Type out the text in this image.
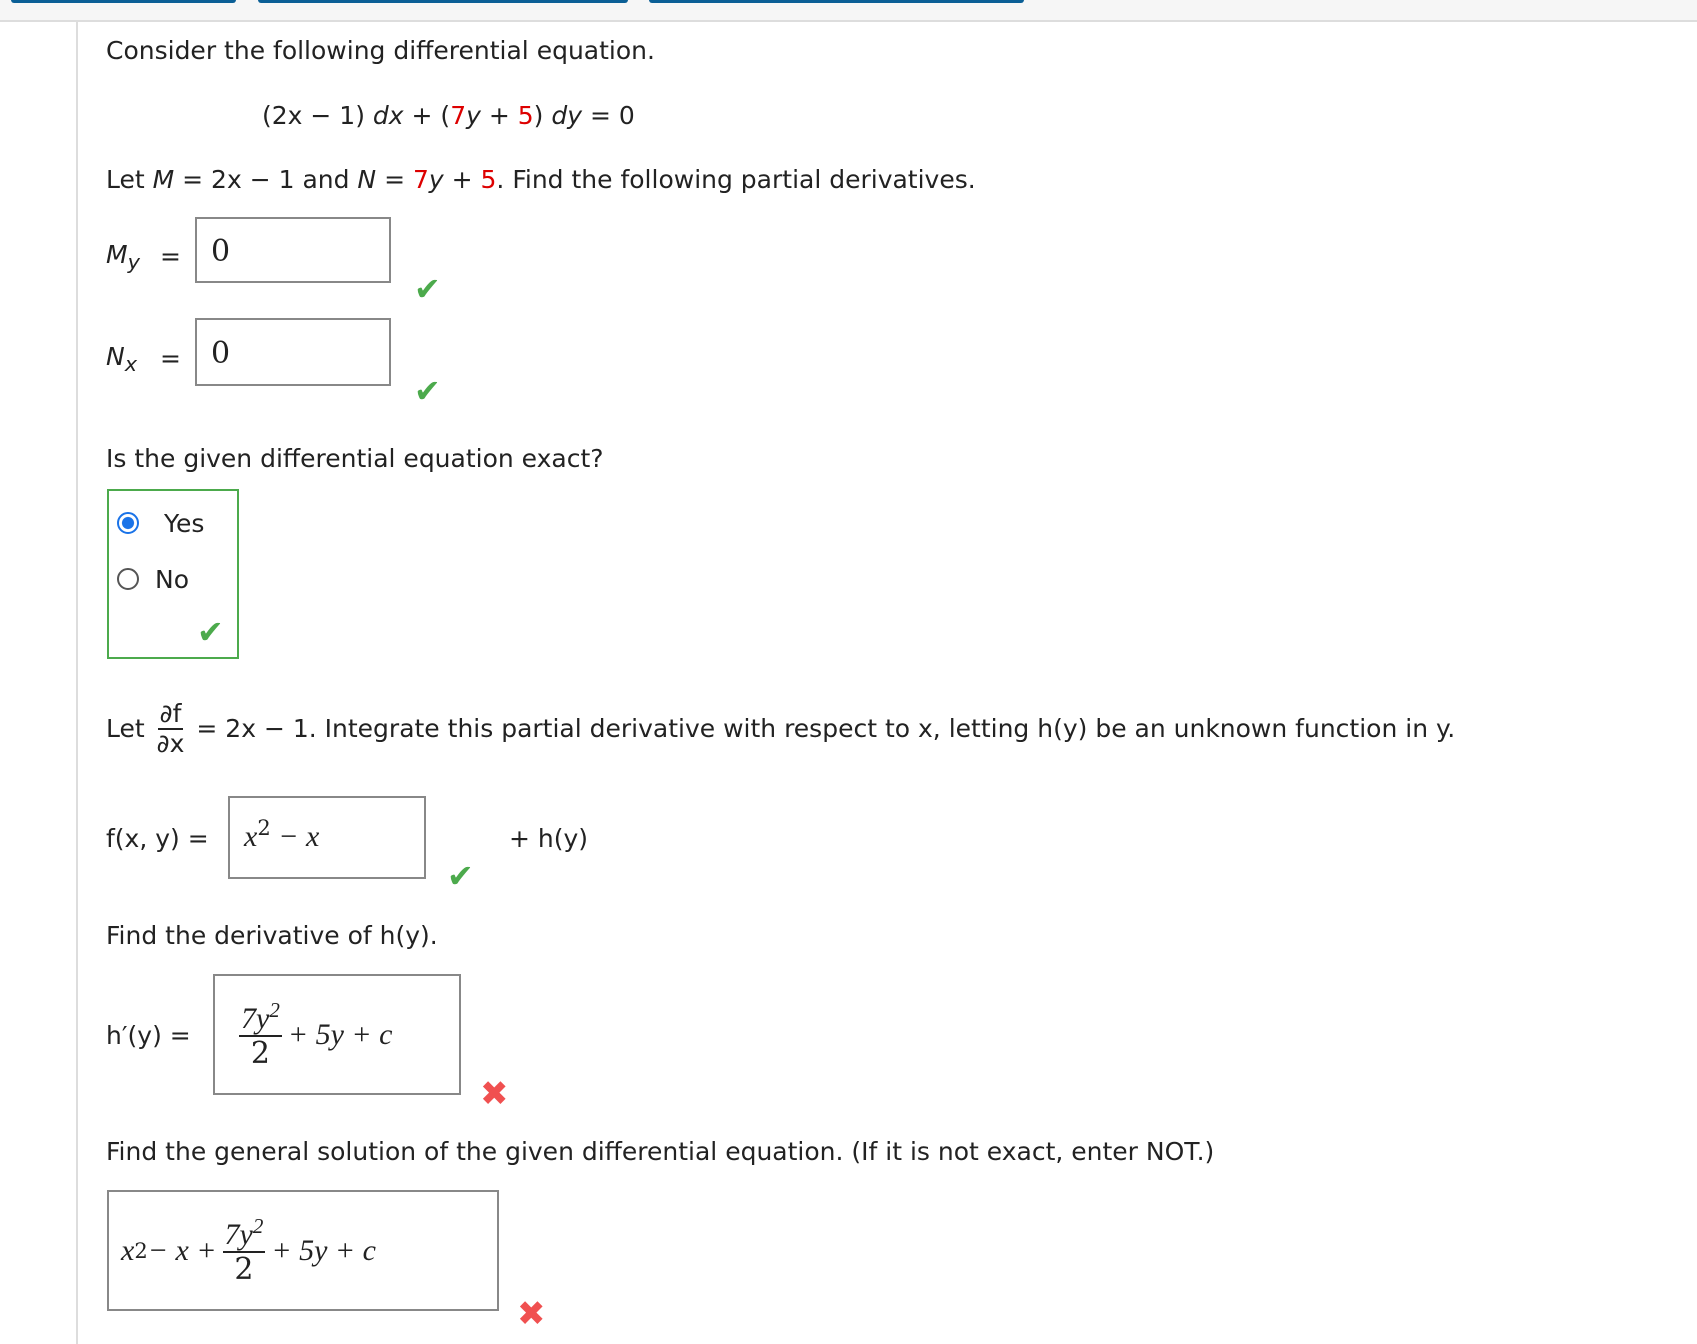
Consider the following differential equation.
(2x − 1) dx + (7y + 5) dy = 0
Let M = 2x − 1 and N = 7y + 5. Find the following partial derivatives.
$M_y$ =	0
✔
$N_x$ =	0
✔
Is the given differential equation exact?
Yes
No
✔
Let $\frac{\partial f}{\partial x} = 2x - 1$. Integrate this partial derivative with respect to x, letting h(y) be an unknown function in y.
f(x, y) =	$x^2 - x$
✔
+ h(y)
Find the derivative of h(y).
$h'(y) = \frac{7y^2}{2} + 5y + c$
✖
Find the general solution of the given differential equation. (If it is not exact, enter NOT.)
x $2 - x + \frac{7y^2}{2} + 5y + c$
✖
